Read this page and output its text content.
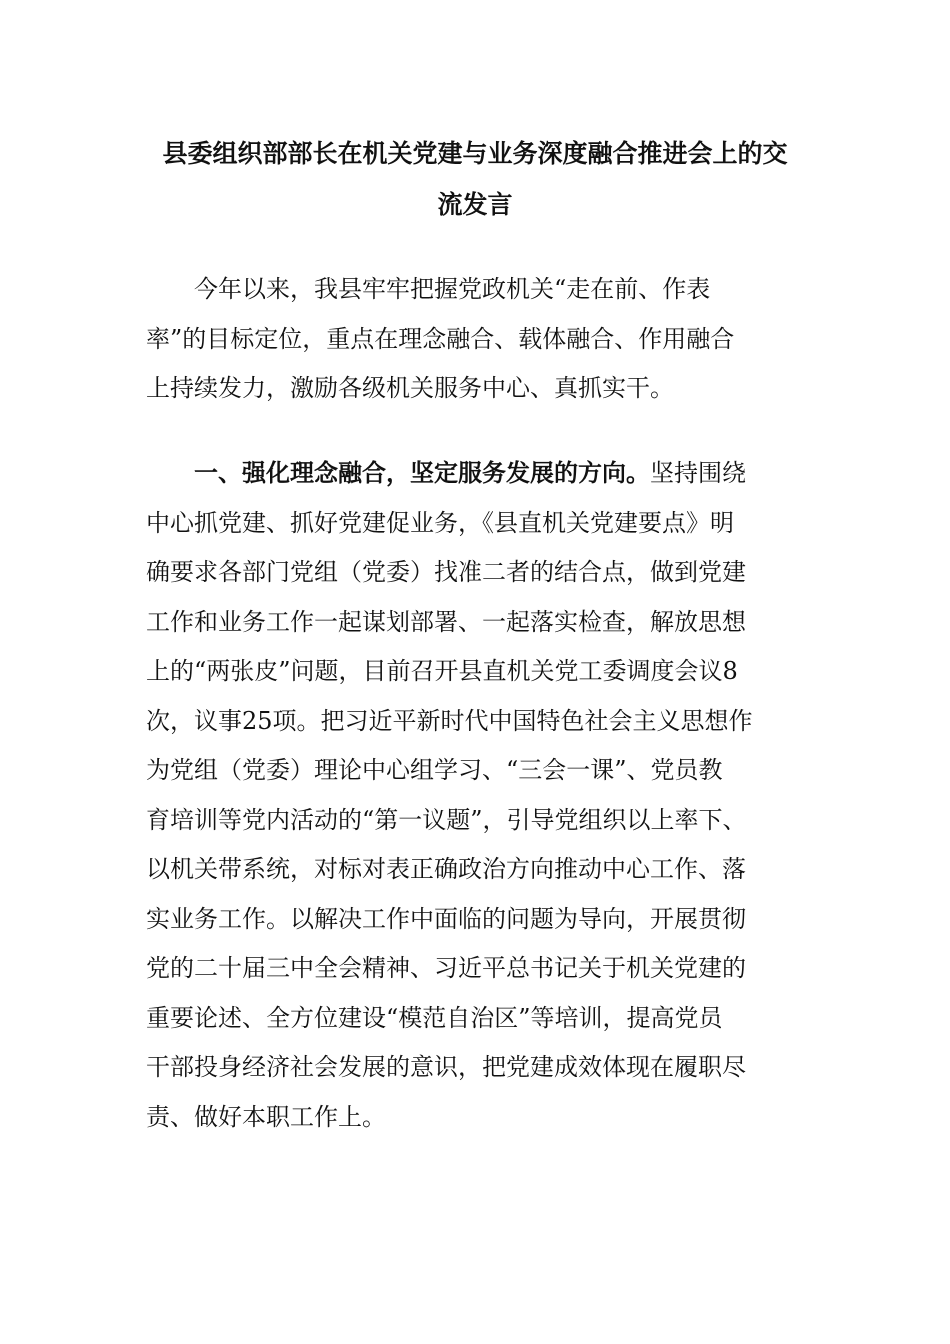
县委组织部部长在机关党建与业务深度融合推进会上的交
流发言
今年以来，我县牢牢把握党政机关“走在前、作表
率”的目标定位，重点在理念融合、载体融合、作用融合
上持续发力，激励各级机关服务中心、真抓实干。
一、强化理念融合，坚定服务发展的方向。坚持围绕
中心抓党建、抓好党建促业务，《县直机关党建要点》明
确要求各部门党组（党委）找准二者的结合点，做到党建
工作和业务工作一起谋划部署、一起落实检查，解放思想
上的“两张皮”问题，目前召开县直机关党工委调度会议8
次，议事25项。把习近平新时代中国特色社会主义思想作
为党组（党委）理论中心组学习、“三会一课”、党员教
育培训等党内活动的“第一议题”，引导党组织以上率下、
以机关带系统，对标对表正确政治方向推动中心工作、落
实业务工作。以解决工作中面临的问题为导向，开展贯彻
党的二十届三中全会精神、习近平总书记关于机关党建的
重要论述、全方位建设“模范自治区”等培训，提高党员
干部投身经济社会发展的意识，把党建成效体现在履职尽
责、做好本职工作上。
